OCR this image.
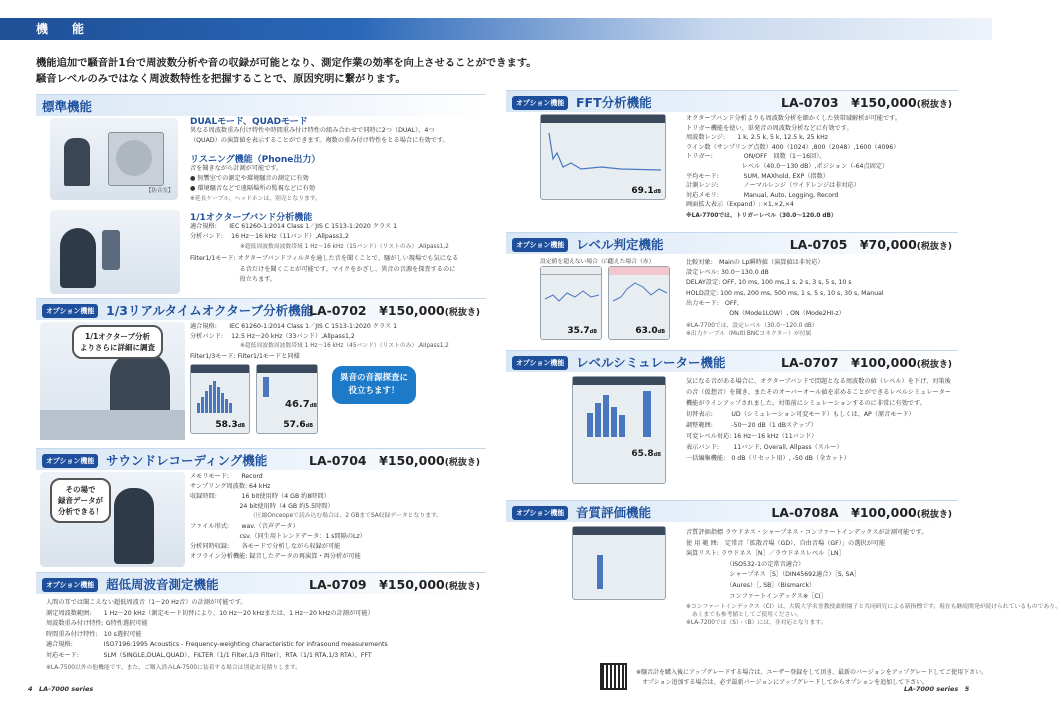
機　能
機能追加で騒音計1台で周波数分析や音の収録が可能となり、測定作業の効率を向上させることができます。
騒音レベルのみではなく周波数特性を把握することで、原因究明に繋がります。
標準機能
【防音室】
DUALモード、QUADモード
異なる周波数重み付け特性や時間重み付け特性の組み合わせで同時に2つ（DUAL）、4つ
（QUAD）の演算値を表示することができます。複数の重み付け特性をとる場合に有効です。
リスニング機能（Phone出力）
音を聞きながら計測が可能です。
● 無響室での測定や環境騒音の測定に有効
● 環境騒音などで遠隔場所の監視などに有効
※延長ケーブル、ヘッドホンは、別売となります。
1/1オクターブバンド分析機能
適合規格:　　IEC 61260-1:2014 Class 1／JIS C 1513-1:2020 クラス 1
分析バンド:　 16 Hz〜16 kHz（11バンド）,Allpass1,2
※超低周波数周波数帯域 1 Hz〜16 kHz（15バンド）（リストのみ）,Allpass1,2
Filter1/1モード: オクターブバンドフィルタを通した音を聞くことで、騒がしい現場でも気になる
　　　　　　　　る音だけを聞くことが可能です。マイクをかざし、異音の音源を探査するのに
　　　　　　　　役立ちます。
オプション機能 1/3リアルタイムオクターブ分析機能
LA-0702　 ¥150,000(税抜き)
1/1オクターブ分析
よりさらに詳細に調査
適合規格:　　IEC 61260-1:2014 Class 1／JIS C 1513-1:2020 クラス 1
分析バンド:　 12.5 Hz〜20 kHz（33バンド）,Allpass1,2
※超低周波数周波数帯域 1 Hz〜16 kHz（45バンド）（リストのみ）,Allpass1,2
Filter1/3モード: Filter1/1モードと同様
58.3dB
46.7dB
57.6dB
異音の音源探査に
役立ちます！
オプション機能 サウンドレコーディング機能	LA-0704　 ¥150,000(税抜き)
その場で
録音データが
分析できる！
メモリモード:　　Record
サンプリング周波数: 64 kHz
収録時間:　　　　16 bit使用時（4 GB 約8時間）
　　　　　　　　24 bit使用時（4 GB 約5.5時間）
（圧縮Onceopeで読み込む場合は、2 GBまでSA収録データとなります。
ファイル形式:　　wav.（音声データ）
　　　　　　　　csv.（同生用トレンドデータ：1 s間隔のLz）
分析同時収録:　　各モードで分析しながら収録が可能
オフライン分析機能: 録音したデータの再演算・再分析が可能
オプション機能 超低周波音測定機能	LA-0709　 ¥150,000(税抜き)
人間の耳では聞こえない超低周波音（1〜20 Hz音）の計測が可能です。
測定周波数範囲:　　1 Hz〜20 kHz（測定モード切替により、10 Hz〜20 kHzまたは、1 Hz〜20 kHzの計測が可能）
周波数重み付け特性: G特性選択可能
時間重み付け特性:　10 s選択可能
適合規格:　　　　　ISO7196:1995 Acoustics - Frequency-weighting characteristic for infrasound measurements
対応モード:　　　　SLM（SINGLE,DUAL,QUAD）、FILTER（1/1 Filter,1/3 Filter）、RTA（1/1 RTA,1/3 RTA）、FFT
※LA-7500以外の他機能です。また、ご購入済みLA-7500に装着する場合は別途お見積りします。
オプション機能 FFT分析機能	LA-0703　 ¥150,000(税抜き)
69.1dB
オクターブバンド分析よりも周波数分析を細かくした狭帯域解析が可能です。
トリガー機能を使い、単発音の周波数分析などに有効です。
周波数レンジ:　　1 k, 2.5 k, 5 k, 12.5 k, 25 kHz
ライン数（サンプリング点数）400（1024）,800（2048）,1600（4096）
トリガー:　　　　　ON/OFF　回数（1〜16回）、
　　　　　　　　　レベル（40.0〜130 dB）,ポジション（-64点固定）
平均モード:　　　　SUM, MAXhold, EXP（指数）
計測レンジ:　　　　ノーマルレンジ（ワイドレンジは非対応）
対応メモリ:　　　　Manual, Auto, Logging, Record
画面拡大表示（Expand）: ×1,×2,×4
※LA-7700では、トリガーレベル（30.0〜120.0 dB）
オプション機能 レベル判定機能	LA-0705　 ¥70,000(税抜き)
設定値を超えない場合（白）
超えた場合（赤）
35.7dB	63.0dB
比較対象:　Mainの Lp瞬時値（演算値は非対応）
設定レベル: 30.0〜130.0 dB
DELAY設定: OFF, 10 ms, 100 ms,1 s, 2 s, 3 s, 5 s, 10 s
HOLD設定: 100 ms, 200 ms, 500 ms, 1 s, 5 s, 10 s, 30 s, Manual
出力モード:　OFF,
　　　　　　　ON（Mode1LOW）, ON（Mode2HI-z）
※LA-7700では、設定レベル（30.0〜120.0 dB）
※出力ケーブル（Multi BNCコネクター）が付属
オプション機能 レベルシミュレーター機能	LA-0707　 ¥100,000(税抜き)
65.8dB
気になる音がある場合に、オクターブバンドで問題となる周波数の値（レベル）を下げ、対策後
の音（仮想音）を聞き、またそのオーバーオール値を求めることができるレベルシミュレーター
機能がラインアップされました。対策前にシミュレーションするのに非常に有効です。
切替表示:　　　UD（シミュレーション可変モード）もしくは、AP（原音モード）
調整範囲:　　　-50〜20 dB（1 dBステップ）
可変レベル対応: 16 Hz〜16 kHz（11バンド）
表示バンド:　　 11バンド, Overall, Allpass（スルー）
一括編集機能:　0 dB（リセット用）, -50 dB（全カット）
オプション機能 音質評価機能	LA-0708A　 ¥100,000(税抜き)
音質評価指標 ラウドネス・シャープネス・コンファートインデックスが計測可能です。
使 用 範 囲:　定常音「拡散音場（GD）、自由音場（GF）」の選択が可能
演算リスト: ラウドネス［N］／ラウドネスレベル［LN］
　　　　　　　（ISO532-1の定常音適合）
　　　　　　　シャープネス［S］（DIN45692適合）［S, SA］
　　　　　　　（Aures）［, SB］（Bismarck）
　　　　　　　コンファートインデックス※［CI］
※コンファートインデックス（CI）は、大阪大学名誉教授桑野園子と共同研究による新指標です。現在も継続開発が続けられているものであり、
　あくまでも参考値としてご使用ください。
※LA-7200では（S）・（B）には、非対応となります。
※騒音計を購入後にアップグレードする場合は、ユーザー登録をして頂き、最新のバージョンをアップグレードしてご使用下さい。
　オプション追加する場合は、必ず最新バージョンにアップグレードしてからオプションを追加して下さい。
4　 LA-7000 series	LA-7000 series　 5
